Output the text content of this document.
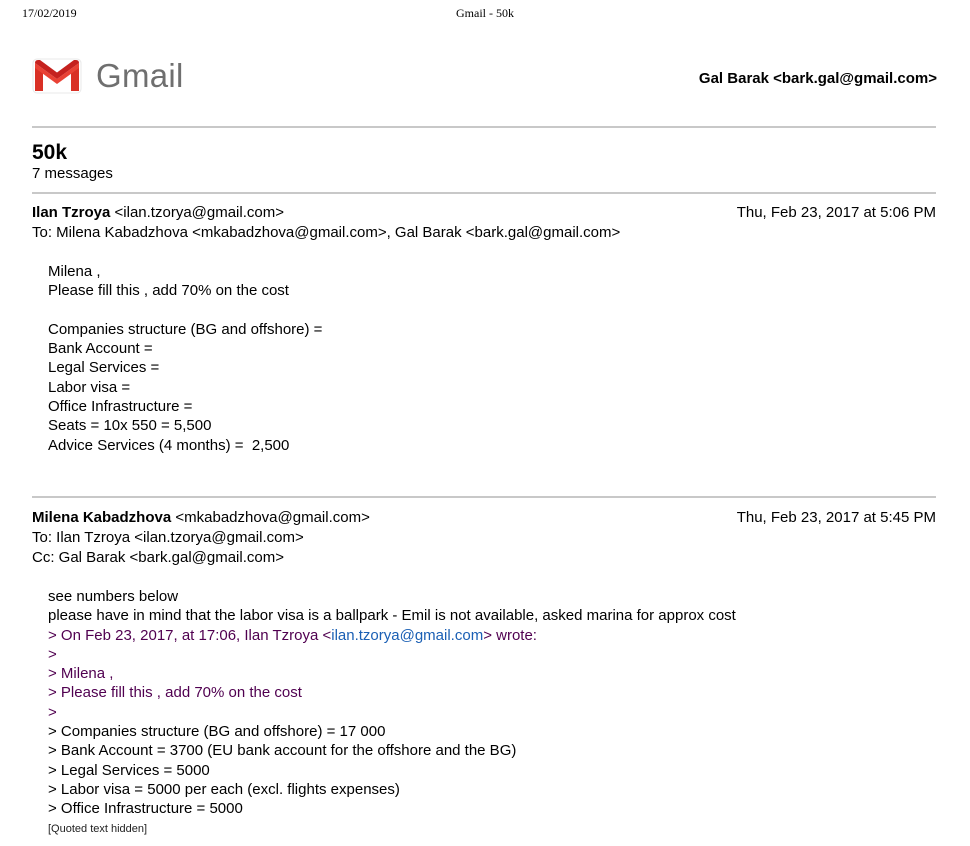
17/02/2019	Gmail - 50k
Gmail	Gal Barak <bark.gal@gmail.com>
50k
7 messages
Ilan Tzroya <ilan.tzorya@gmail.com>	Thu, Feb 23, 2017 at 5:06 PM
To: Milena Kabadzhova <mkabadzhova@gmail.com>, Gal Barak <bark.gal@gmail.com>
Milena ,
Please fill this , add 70% on the cost

Companies structure (BG and offshore) =
Bank Account =
Legal Services =
Labor visa =
Office Infrastructure =
Seats = 10x 550 = 5,500
Advice Services (4 months) =  2,500
Milena Kabadzhova <mkabadzhova@gmail.com>	Thu, Feb 23, 2017 at 5:45 PM
To: Ilan Tzroya <ilan.tzorya@gmail.com>
Cc: Gal Barak <bark.gal@gmail.com>
see numbers below
please have in mind that the labor visa is a ballpark - Emil is not available, asked marina for approx cost
> On Feb 23, 2017, at 17:06, Ilan Tzroya <ilan.tzorya@gmail.com> wrote:
>
> Milena ,
> Please fill this , add 70% on the cost
>
> Companies structure (BG and offshore) = 17 000
> Bank Account = 3700 (EU bank account for the offshore and the BG)
> Legal Services = 5000
> Labor visa = 5000 per each (excl. flights expenses)
> Office Infrastructure = 5000
[Quoted text hidden]
